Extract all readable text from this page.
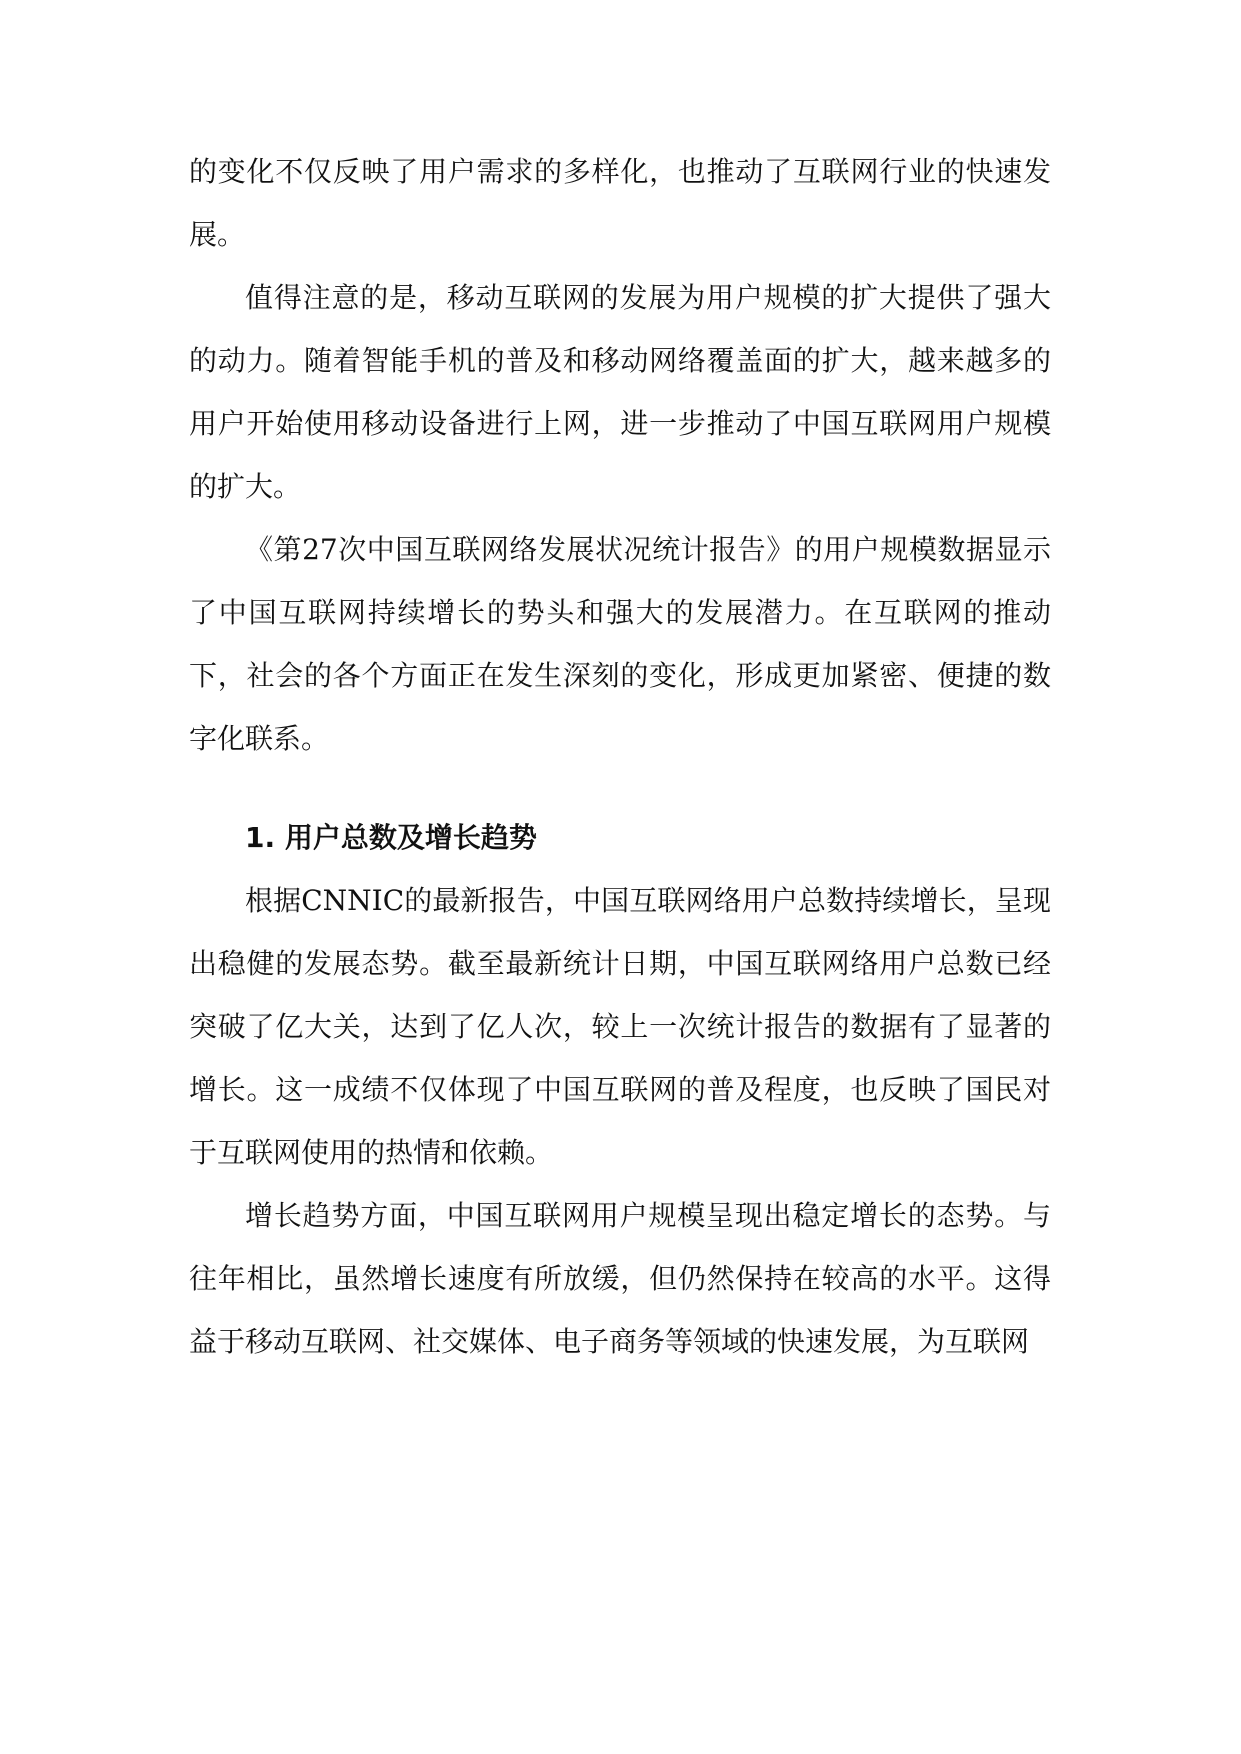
的变化不仅反映了用户需求的多样化，也推动了互联网行业的快速发展。

值得注意的是，移动互联网的发展为用户规模的扩大提供了强大的动力。随着智能手机的普及和移动网络覆盖面的扩大，越来越多的用户开始使用移动设备进行上网，进一步推动了中国互联网用户规模的扩大。

《第27次中国互联网络发展状况统计报告》的用户规模数据显示了中国互联网持续增长的势头和强大的发展潜力。在互联网的推动下，社会的各个方面正在发生深刻的变化，形成更加紧密、便捷的数字化联系。

1. 用户总数及增长趋势

根据CNNIC的最新报告，中国互联网络用户总数持续增长，呈现出稳健的发展态势。截至最新统计日期，中国互联网络用户总数已经突破了亿大关，达到了亿人次，较上一次统计报告的数据有了显著的增长。这一成绩不仅体现了中国互联网的普及程度，也反映了国民对于互联网使用的热情和依赖。

增长趋势方面，中国互联网用户规模呈现出稳定增长的态势。与往年相比，虽然增长速度有所放缓，但仍然保持在较高的水平。这得益于移动互联网、社交媒体、电子商务等领域的快速发展，为互联网
